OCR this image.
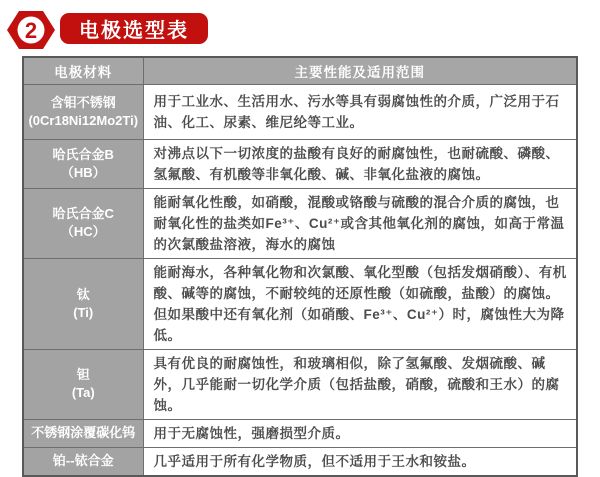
2	电极选型表
电极材料	主要性能及适用范围
含钼不锈钢
(0Cr18Ni12Mo2Ti)	用于工业水、生活用水、污水等具有弱腐蚀性的介质，广泛用于石油、化工、尿素、维尼纶等工业。
哈氏合金B
（HB）	对沸点以下一切浓度的盐酸有良好的耐腐蚀性，也耐硫酸、磷酸、氢氟酸、有机酸等非氧化酸、碱、非氧化盐液的腐蚀。
哈氏合金C
（HC）	能耐氧化性酸，如硝酸，混酸或铬酸与硫酸的混合介质的腐蚀，也耐氧化性的盐类如Fe³⁺、Cu²⁺或含其他氧化剂的腐蚀，如高于常温的次氯酸盐溶液，海水的腐蚀
钛
(Ti)	能耐海水，各种氧化物和次氯酸、氧化型酸（包括发烟硝酸）、有机酸、碱等的腐蚀，不耐较纯的还原性酸（如硫酸，盐酸）的腐蚀。但如果酸中还有氧化剂（如硝酸、Fe³⁺、Cu²⁺）时，腐蚀性大为降低。
钽
(Ta)	具有优良的耐腐蚀性，和玻璃相似，除了氢氟酸、发烟硫酸、碱外，几乎能耐一切化学介质（包括盐酸，硝酸，硫酸和王水）的腐蚀。
不锈钢涂覆碳化钨	用于无腐蚀性，强磨损型介质。
铂--铱合金	几乎适用于所有化学物质，但不适用于王水和铵盐。
